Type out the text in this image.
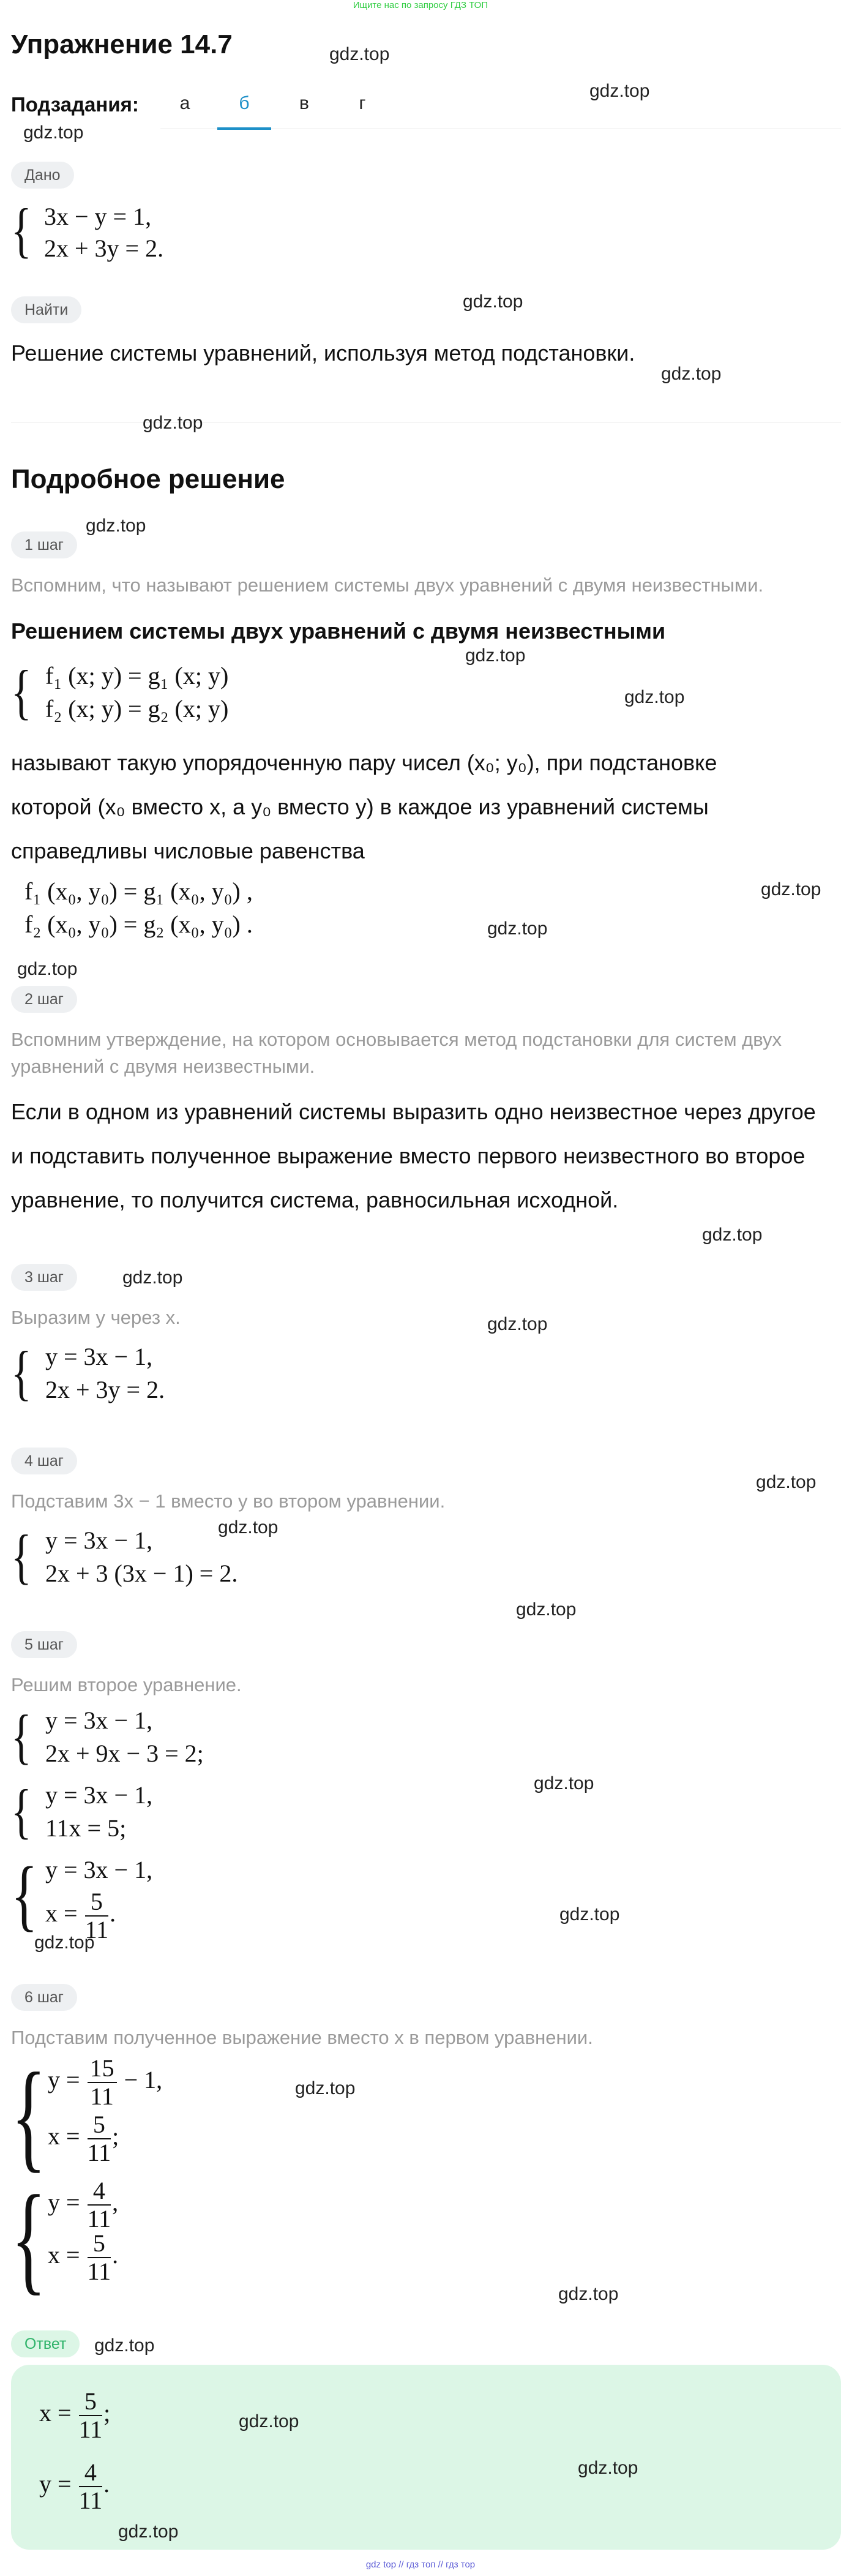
Ищите нас по запросу ГДЗ ТОП
Упражнение 14.7	gdz.top
Подзадания:	а	б	в	г
gdz.top
gdz.top
Дано
{ 3x − y = 1,
2x + 3y = 2.
Найти	gdz.top
Решение системы уравнений, используя метод подстановки.
gdz.top
gdz.top
Подробное решение
1 шаг
gdz.top
Вспомним, что называют решением системы двух уравнений с двумя неизвестными.
Решением системы двух уравнений с двумя неизвестными
gdz.top
{ f₁ (x; y) = g₁ (x; y)
f₂ (x; y) = g₂ (x; y)	gdz.top
называют такую упорядоченную пару чисел (x₀; y₀), при подстановке
которой (x₀ вместо x, а y₀ вместо y) в каждое из уравнений системы
справедливы числовые равенства
f₁ (x₀, y₀) = g₁ (x₀, y₀) ,
f₂ (x₀, y₀) = g₂ (x₀, y₀) .
gdz.top
gdz.top
gdz.top
2 шаг
Вспомним утверждение, на котором основывается метод подстановки для систем двух
уравнений с двумя неизвестными.
Если в одном из уравнений системы выразить одно неизвестное через другое
и подставить полученное выражение вместо первого неизвестного во второе
уравнение, то получится система, равносильная исходной.
gdz.top
3 шаг	gdz.top
Выразим y через x.	gdz.top
{ y = 3x − 1,
2x + 3y = 2.
4 шаг
gdz.top
Подставим 3x − 1 вместо y во втором уравнении.
gdz.top
{ y = 3x − 1,
2x + 3 (3x − 1) = 2.
gdz.top
5 шаг
Решим второе уравнение.
{ y = 3x − 1,
2x + 9x − 3 = 2;
gdz.top
{ y = 3x − 1,
11x = 5;
{ y = 3x − 1,
$x = \frac{5}{11}$ .	gdz.top
gdz.top
6 шаг
Подставим полученное выражение вместо x в первом уравнении.
{ $y = \frac{15}{11} - 1$,
$x = \frac{5}{11}$ ;
gdz.top
{ $y = \frac{4}{11}$ ,
$x = \frac{5}{11}$ .
gdz.top
Ответ	gdz.top
$x = \frac{5}{11}$ ;
$y = \frac{4}{11}$ .
gdz.top
gdz.top
gdz.top
gdz top // гдз топ // гдз тор
